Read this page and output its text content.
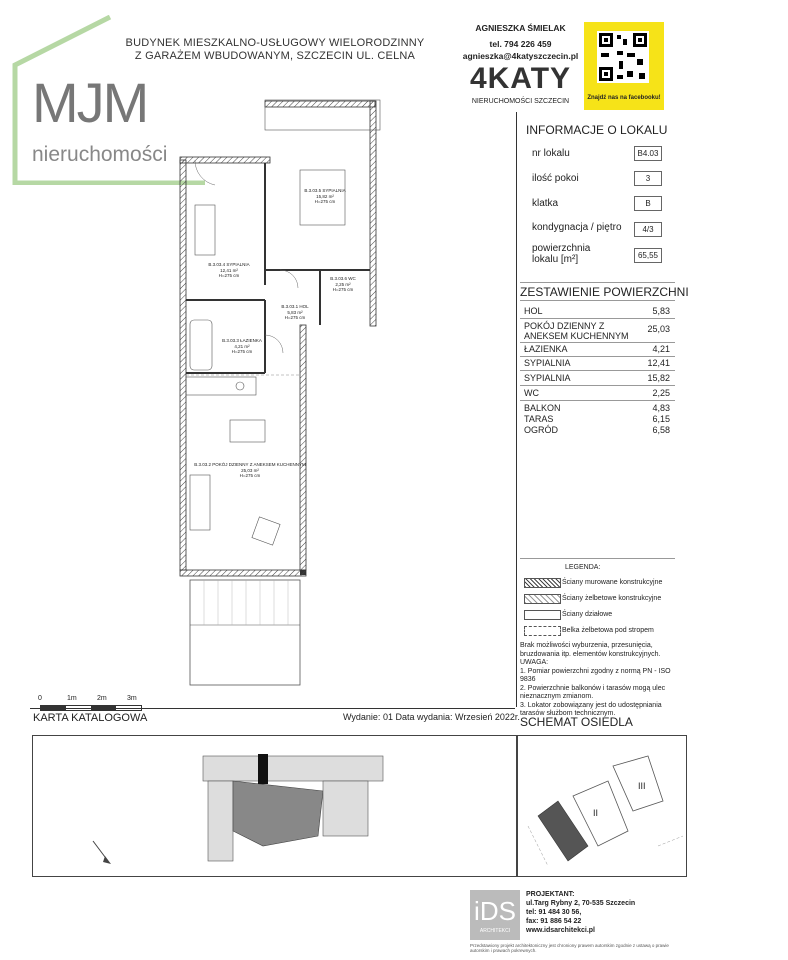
BUDYNEK MIESZKALNO-USŁUGOWY WIELORODZINNY
Z GARAŻEM WBUDOWANYM, SZCZECIN UL. CELNA
MJM
nieruchomości
AGNIESZKA ŚMIELAK
tel. 794 226 459
agnieszka@4katyszczecin.pl
4KATY
NIERUCHOMOŚCI SZCZECIN	Znajdź nas na facebooku!
INFORMACJE O LOKALU
nr lokalu	B4.03
ilość pokoi	3
klatka	B
kondygnacja / piętro	4/3
powierzchnia
lokalu [m²]	65,55
ZESTAWIENIE POWIERZCHNI
HOL	5,83
POKÓJ DZIENNY Z
ANEKSEM KUCHENNYM
25,03
ŁAZIENKA	4,21
SYPIALNIA	12,41
SYPIALNIA	15,82
WC	2,25
BALKON	4,83
TARAS	6,15
OGRÓD	6,58
LEGENDA:
Ściany murowane konstrukcyjne
Ściany żelbetowe konstrukcyjne
Ściany działowe
Belka żelbetowa pod stropem
Brak możliwości wyburzenia, przesunięcia, bruzdowania itp. elementów konstrukcyjnych.
UWAGA:
1. Pomiar powierzchni zgodny z normą PN - ISO 9836
2. Powierzchnie balkonów i tarasów mogą ulec nieznacznym zmianom.
3. Lokator zobowiązany jest do udostępniania tarasów służbom technicznym.
B.3.03.5 SYPIALNIA
15,82 m²
H=275 cm
B.3.03.4 SYPIALNIA
12,41 m²
H=275 cm
B.3.03.6 WC
2,25 m²
H=275 cm
B.3.03.1 HOL
5,83 m²
H=275 cm
B.3.03.3 ŁAZIENKA
4,21 m²
H=275 cm
B.3.03.2 POKÓJ DZIENNY Z ANEKSEM KUCHENNYM
25,03 m²
H=275 cm
0	1m	2m	3m
KARTA KATALOGOWA	Wydanie: 01 Data wydania: Wrzesień 2022r. SCHEMAT OSIEDLA
II
III
iDS
ARCHITEKCI
PROJEKTANT:
ul.Targ Rybny 2, 70-535 Szczecin
tel: 91 484 30 56,
fax: 91 886 54 22
www.idsarchitekci.pl
Przedstawiony projekt architektoniczny jest chroniony prawem autorskim zgodnie z ustawą o prawie autorskim i prawach pokrewnych.
